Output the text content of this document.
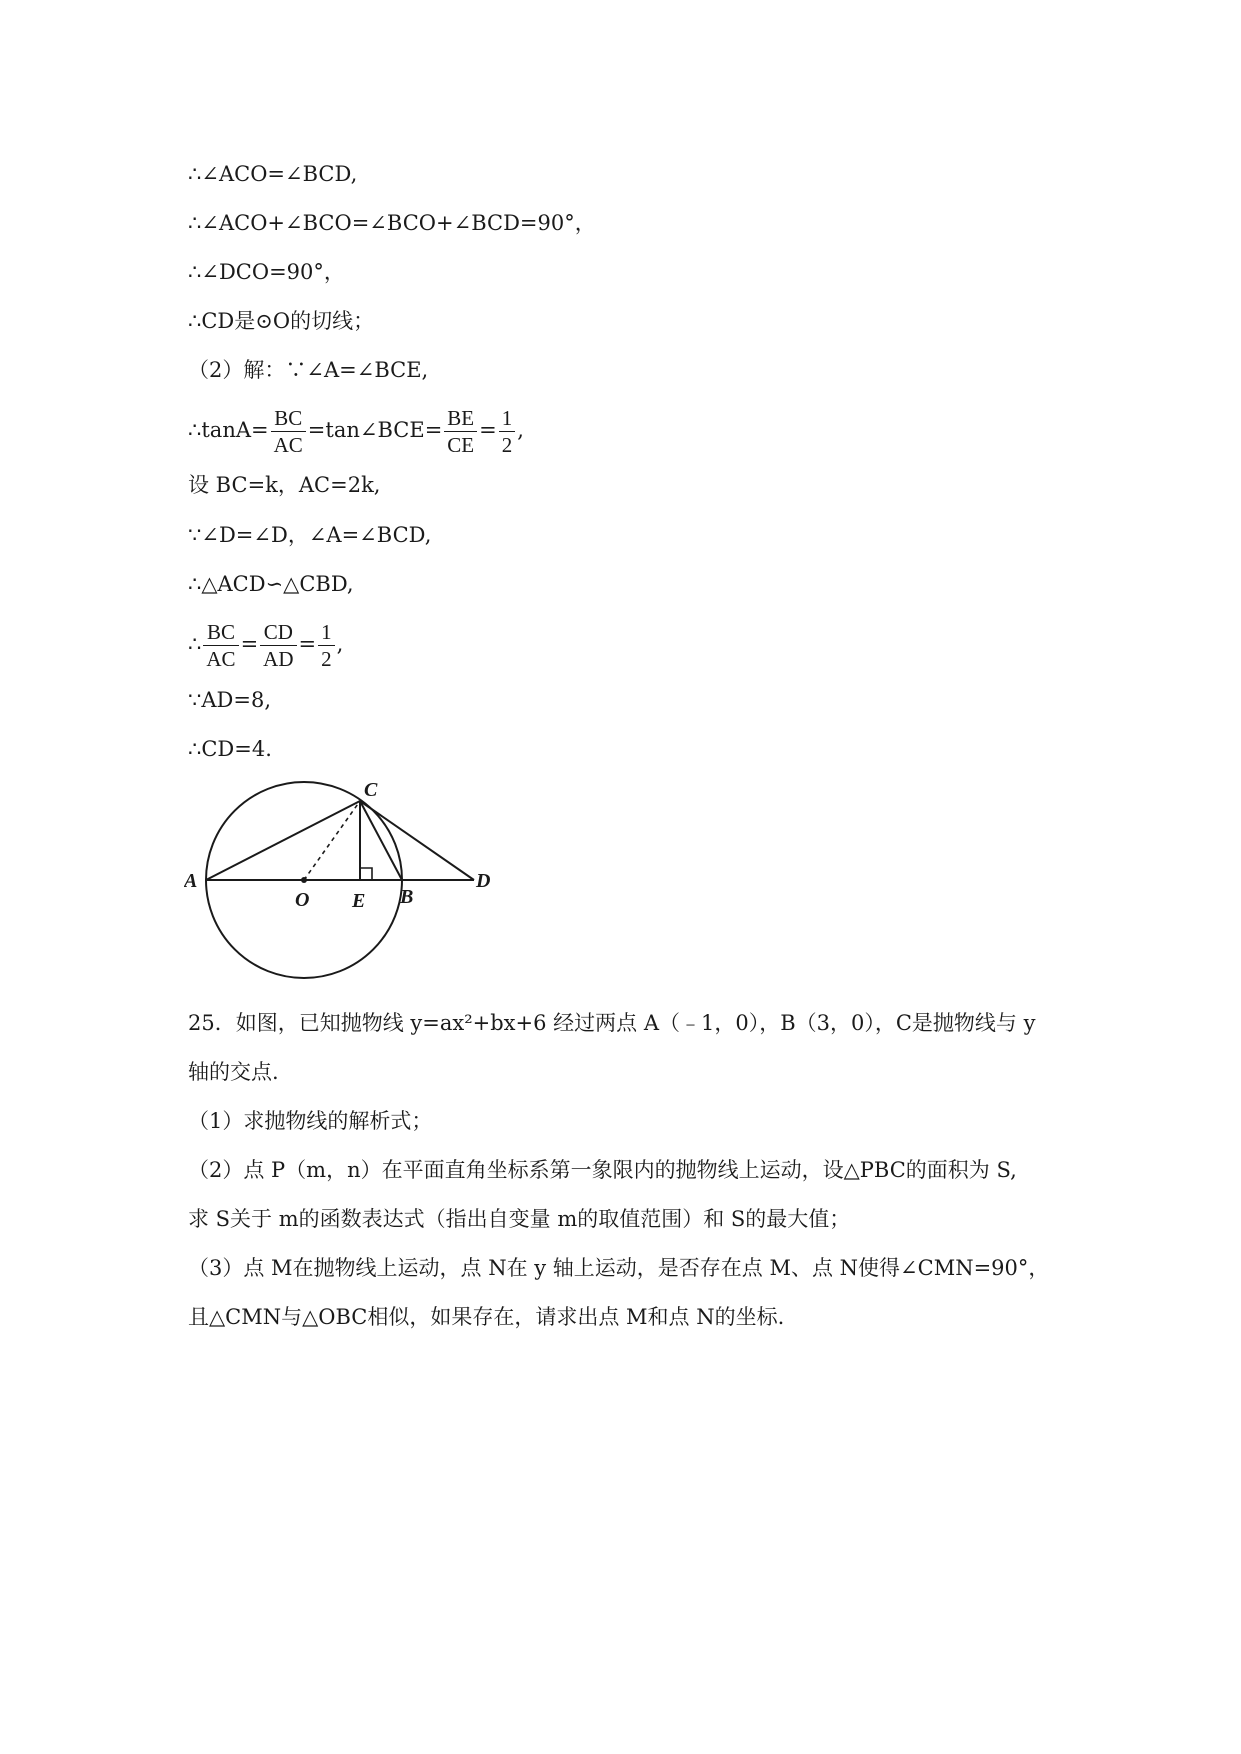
∴∠ACO=∠BCD,
∴∠ACO+∠BCO=∠BCO+∠BCD=90°，
∴∠DCO=90°，
∴CD是⊙O的切线；
（2）解：∵∠A=∠BCE,
∴tanA= $\frac{BC}{AC}$ =tan∠BCE= $\frac{BE}{CE} = \frac{1}{2}$ ,
设 BC=k，AC=2k,
∵∠D=∠D，∠A=∠BCD,
∴△ACD∽△CBD,
∴ $\frac{BC}{AC} = \frac{CD}{AD} = \frac{1}{2}$ ,
∵AD=8,
∴CD=4.
A
O E B
C
D
25．如图，已知抛物线 y=ax²+bx+6 经过两点 A（﹣1，0），B（3，0），C是抛物线与 y
轴的交点.
（1）求抛物线的解析式；
（2）点 P（m，n）在平面直角坐标系第一象限内的抛物线上运动，设△PBC的面积为 S,
求 S关于 m的函数表达式（指出自变量 m的取值范围）和 S的最大值；
（3）点 M在抛物线上运动，点 N在 y 轴上运动，是否存在点 M、点 N使得∠CMN=90°，
且△CMN与△OBC相似，如果存在，请求出点 M和点 N的坐标.
